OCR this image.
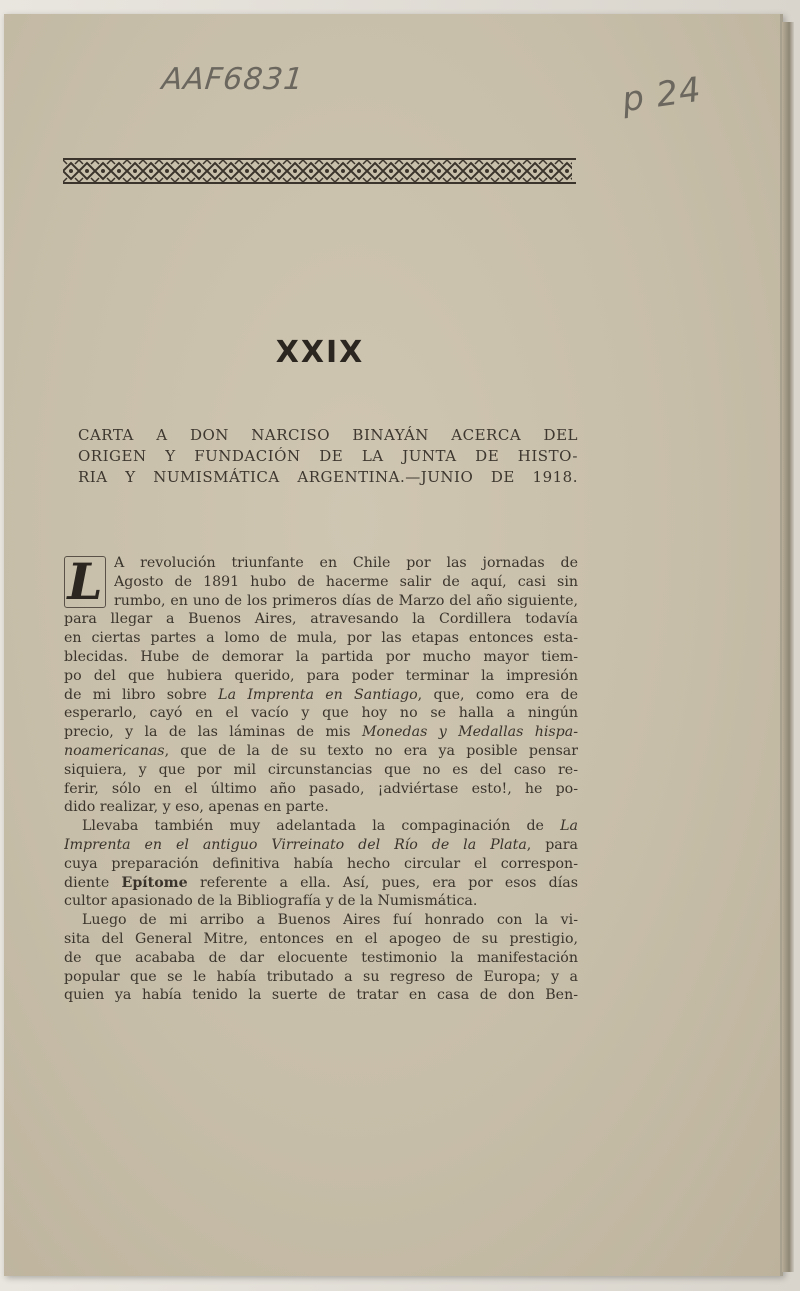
AAF6831	p 24
XXIX
CARTA A DON NARCISO BINAYÁN ACERCA DEL
ORIGEN Y FUNDACIÓN DE LA JUNTA DE HISTO-
RIA Y NUMISMÁTICA ARGENTINA.—JUNIO DE 1918.

L A revolución triunfante en Chile por las jornadas de
Agosto de 1891 hubo de hacerme salir de aquí, casi sin
rumbo, en uno de los primeros días de Marzo del año siguiente,
para llegar a Buenos Aires, atravesando la Cordillera todavía
en ciertas partes a lomo de mula, por las etapas entonces esta-
blecidas. Hube de demorar la partida por mucho mayor tiem-
po del que hubiera querido, para poder terminar la impresión
de mi libro sobre La Imprenta en Santiago, que, como era de
esperarlo, cayó en el vacío y que hoy no se halla a ningún
precio, y la de las láminas de mis Monedas y Medallas hispa-
noamericanas, que de la de su texto no era ya posible pensar
siquiera, y que por mil circunstancias que no es del caso re-
ferir, sólo en el último año pasado, ¡adviértase esto!, he po-
dido realizar, y eso, apenas en parte.

Llevaba también muy adelantada la compaginación de La
Imprenta en el antiguo Virreinato del Río de la Plata, para
cuya preparación definitiva había hecho circular el correspon-
diente Epítome referente a ella. Así, pues, era por esos días
cultor apasionado de la Bibliografía y de la Numismática.

Luego de mi arribo a Buenos Aires fuí honrado con la vi-
sita del General Mitre, entonces en el apogeo de su prestigio,
de que acababa de dar elocuente testimonio la manifestación
popular que se le había tributado a su regreso de Europa; y a
quien ya había tenido la suerte de tratar en casa de don Ben-
